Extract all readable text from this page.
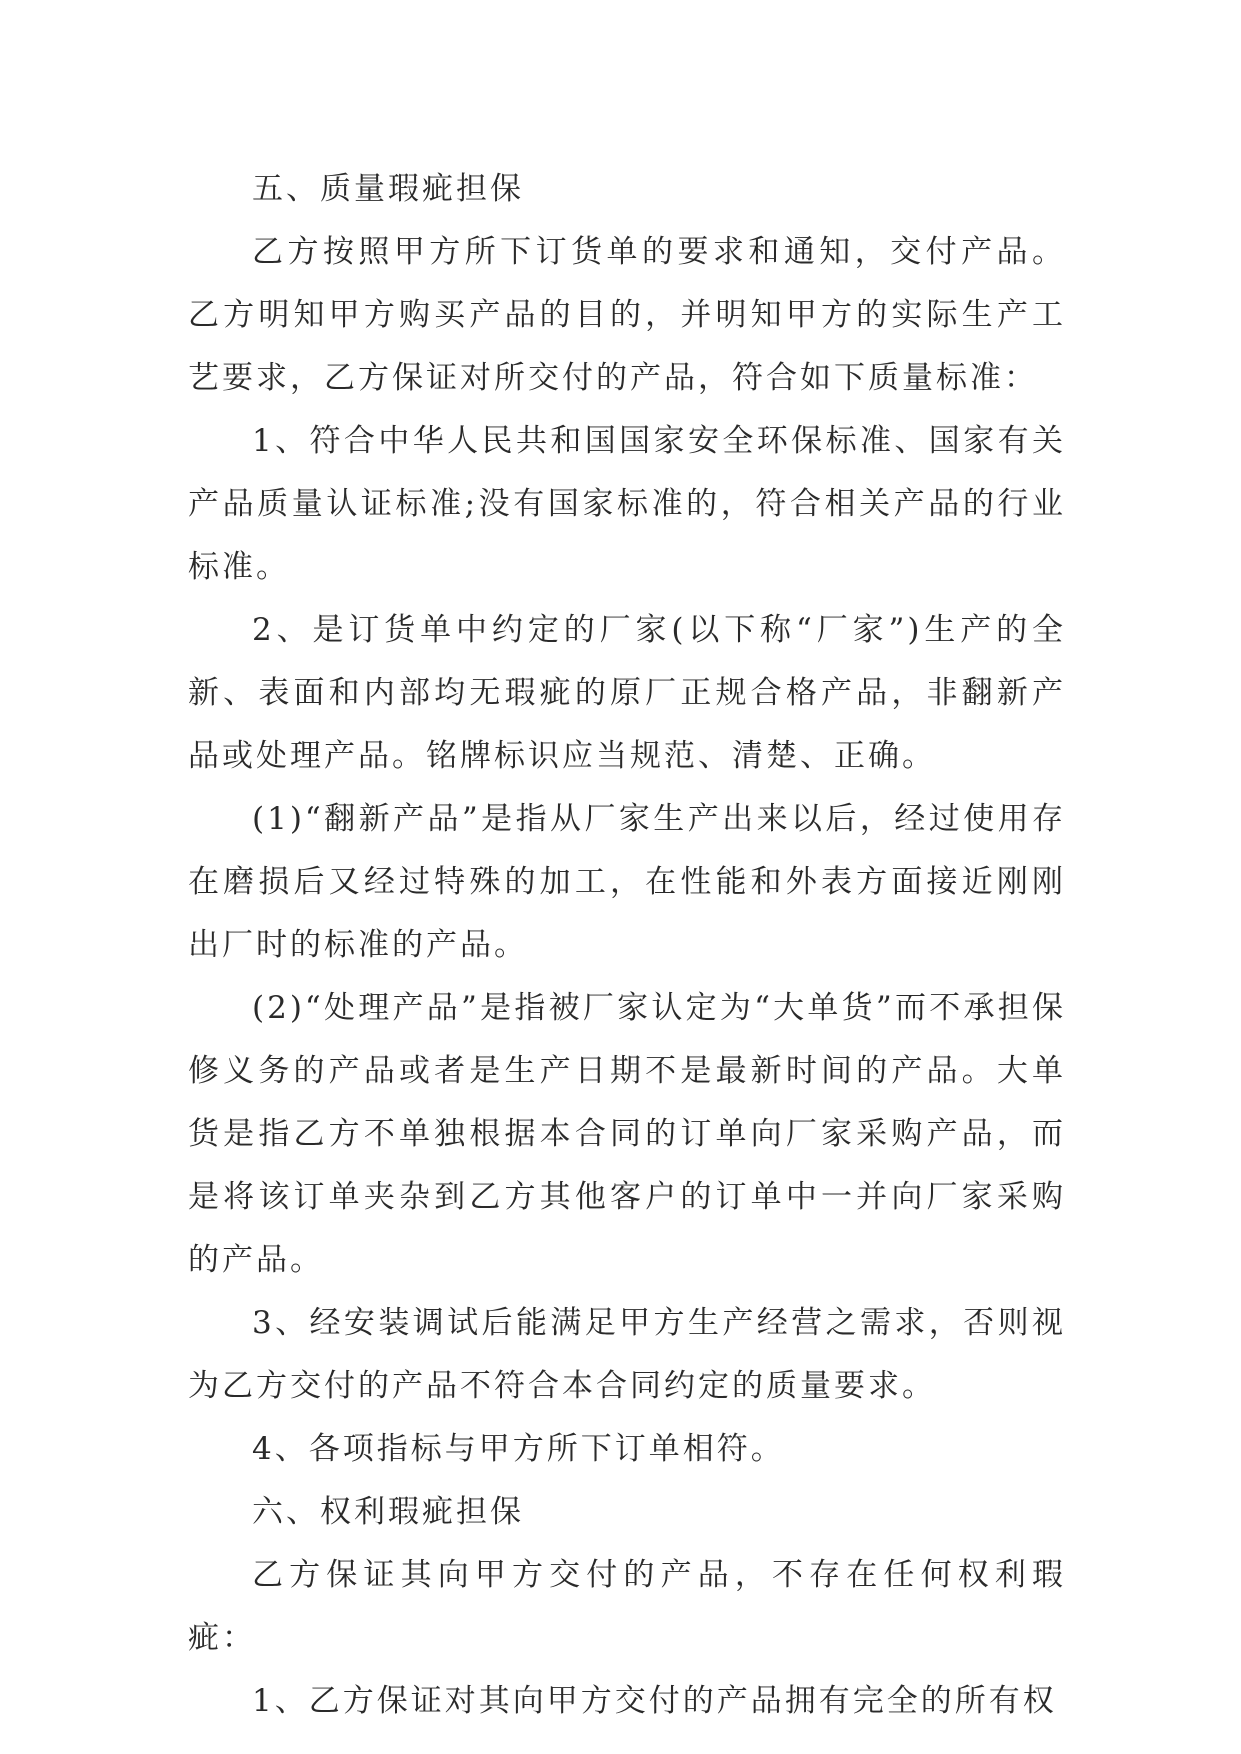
五、质量瑕疵担保

乙方按照甲方所下订货单的要求和通知，交付产品。乙方明知甲方购买产品的目的，并明知甲方的实际生产工艺要求，乙方保证对所交付的产品，符合如下质量标准：

1、符合中华人民共和国国家安全环保标准、国家有关产品质量认证标准;没有国家标准的，符合相关产品的行业标准。

2、是订货单中约定的厂家(以下称“厂家”)生产的全新、表面和内部均无瑕疵的原厂正规合格产品，非翻新产品或处理产品。铭牌标识应当规范、清楚、正确。

(1)“翻新产品”是指从厂家生产出来以后，经过使用存在磨损后又经过特殊的加工，在性能和外表方面接近刚刚出厂时的标准的产品。

(2)“处理产品”是指被厂家认定为“大单货”而不承担保修义务的产品或者是生产日期不是最新时间的产品。大单货是指乙方不单独根据本合同的订单向厂家采购产品，而是将该订单夹杂到乙方其他客户的订单中一并向厂家采购的产品。

3、经安装调试后能满足甲方生产经营之需求，否则视为乙方交付的产品不符合本合同约定的质量要求。

4、各项指标与甲方所下订单相符。

六、权利瑕疵担保

乙方保证其向甲方交付的产品，不存在任何权利瑕疵：

1、乙方保证对其向甲方交付的产品拥有完全的所有权
